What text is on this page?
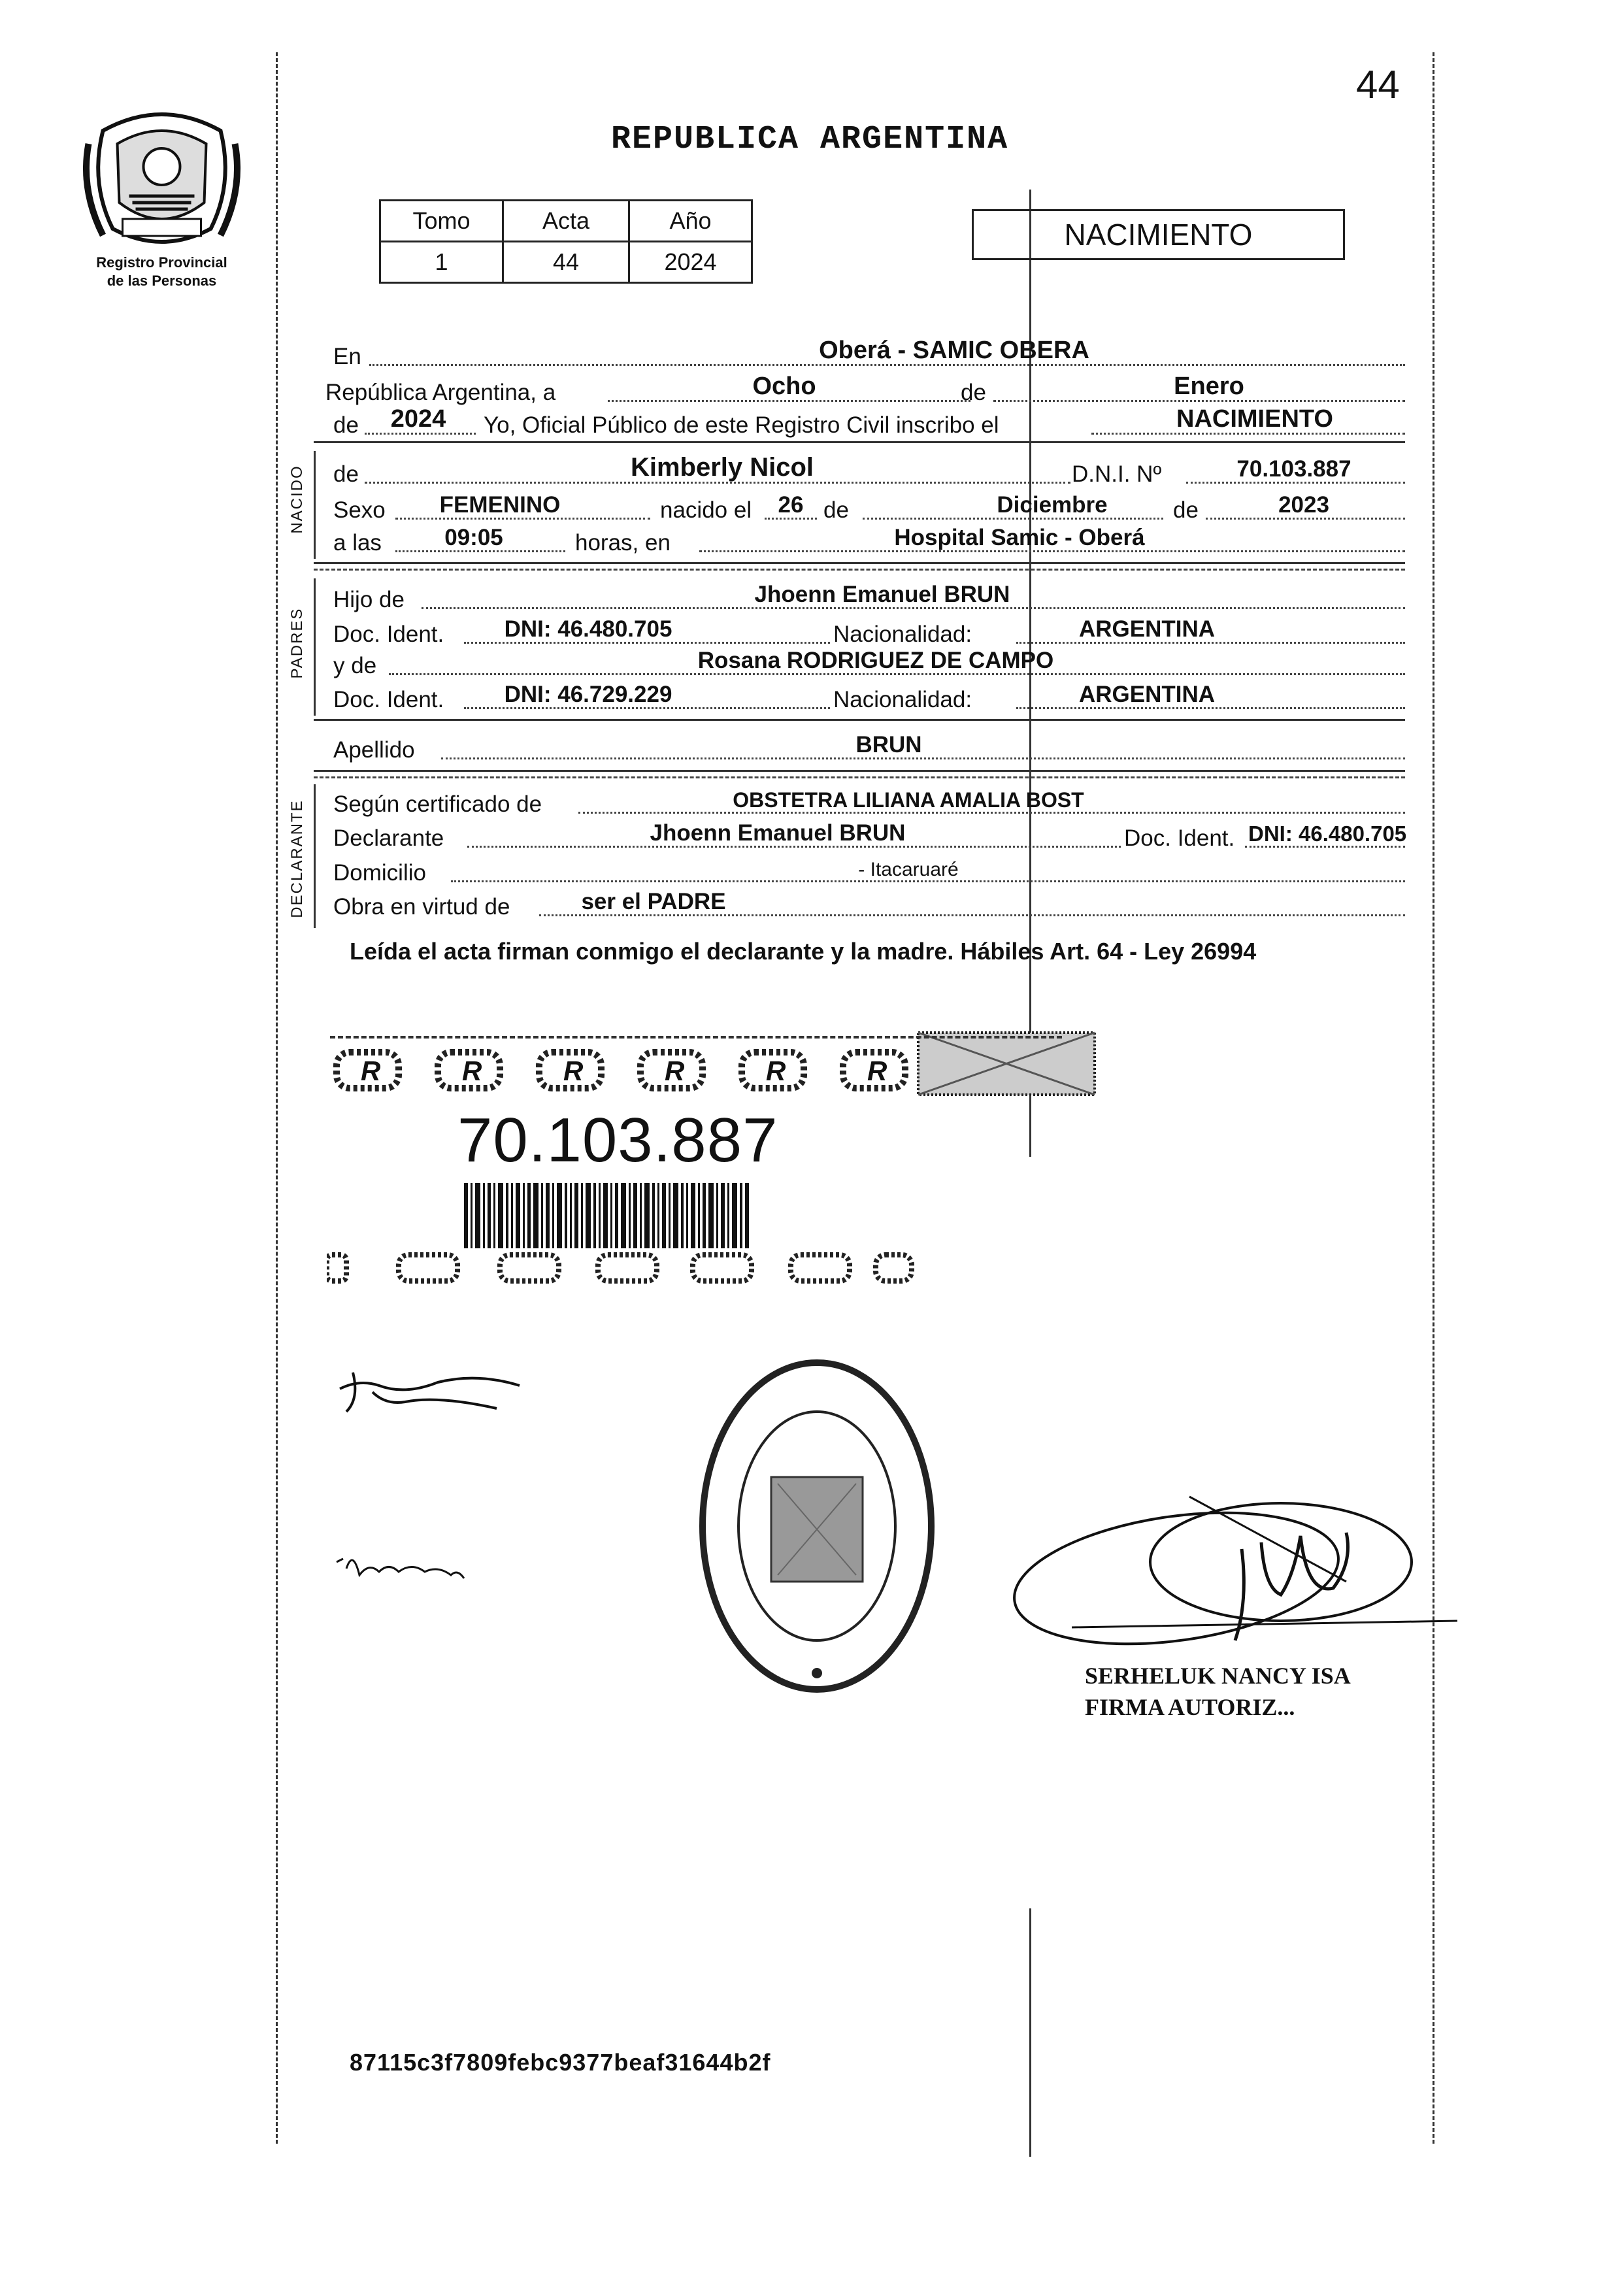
44
REPUBLICA ARGENTINA
Registro Provincial
de las Personas
Tomo	Acta	Año
1	44	2024
NACIMIENTO
En	Oberá - SAMIC OBERA
República Argentina, a	Ocho	de	Enero
de	2024	Yo, Oficial Público de este Registro Civil inscribo el	NACIMIENTO
NACIDO de	Kimberly Nicol	D.N.I. Nº	70.103.887
Sexo	FEMENINO	nacido el	26 de	Diciembre	de	2023
a las	09:05	horas, en	Hospital Samic - Oberá
PADRES
Hijo de	Jhoenn Emanuel BRUN
Doc. Ident.	DNI: 46.480.705	Nacionalidad:	ARGENTINA
y de	Rosana RODRIGUEZ DE CAMPO
Doc. Ident.	DNI: 46.729.229	Nacionalidad:	ARGENTINA
Apellido	BRUN
DECLARANTE Según certificado de	OBSTETRA LILIANA AMALIA BOST
Declarante	Jhoenn Emanuel BRUN	Doc. Ident. DNI: 46.480.705
Domicilio	- Itacaruaré
Obra en virtud de	ser el PADRE
Leída el acta firman conmigo el declarante y la madre. Hábiles Art. 64 - Ley 26994
R	R	R	R	R	R
70.103.887
SERHELUK NANCY ISA
FIRMA AUTORIZ...
87115c3f7809febc9377beaf31644b2f
